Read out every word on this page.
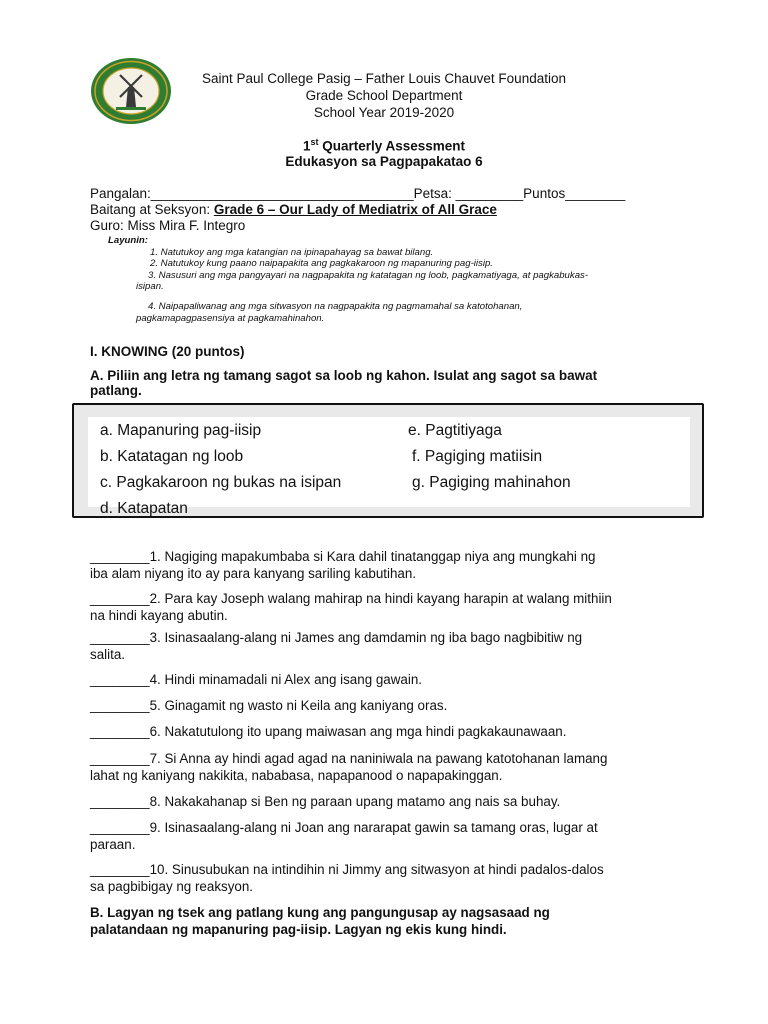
Saint Paul College Pasig – Father Louis Chauvet Foundation
Grade School Department
School Year 2019-2020
1st Quarterly Assessment
Edukasyon sa Pagpapakatao 6
Pangalan:___________________________________Petsa: _________Puntos________
Baitang at Seksyon: Grade 6 – Our Lady of Mediatrix of All Grace
Guro: Miss Mira F. Integro
Layunin:
1. Natutukoy ang mga katangian na ipinapahayag sa bawat bilang.
2. Natutukoy kung paano naipapakita ang pagkakaroon ng mapanuring pag-iisip.
3. Nasusuri ang mga pangyayari na nagpapakita ng katatagan ng loob, pagkamatiyaga, at pagkabukas-
isipan.
4. Naipapaliwanag ang mga sitwasyon na nagpapakita ng pagmamahal sa katotohanan,
pagkamapagpasensiya at pagkamahinahon.
I. KNOWING (20 puntos)
A. Piliin ang letra ng tamang sagot sa loob ng kahon. Isulat ang sagot sa bawat
patlang.
a. Mapanuring pag-iisip
b. Katatagan ng loob
c. Pagkakaroon ng bukas na isipan
d. Katapatan
e. Pagtitiyaga
f. Pagiging matiisin
g. Pagiging mahinahon
________1. Nagiging mapakumbaba si Kara dahil tinatanggap niya ang mungkahi ng
iba alam niyang ito ay para kanyang sariling kabutihan.
________2. Para kay Joseph walang mahirap na hindi kayang harapin at walang mithiin
na hindi kayang abutin.
________3. Isinasaalang-alang ni James ang damdamin ng iba bago nagbibitiw ng
salita.
________4. Hindi minamadali ni Alex ang isang gawain.
________5. Ginagamit ng wasto ni Keila ang kaniyang oras.
________6. Nakatutulong ito upang maiwasan ang mga hindi pagkakaunawaan.
________7. Si Anna ay hindi agad agad na naniniwala na pawang katotohanan lamang
lahat ng kaniyang nakikita, nababasa, napapanood o napapakinggan.
________8. Nakakahanap si Ben ng paraan upang matamo ang nais sa buhay.
________9. Isinasaalang-alang ni Joan ang nararapat gawin sa tamang oras, lugar at
paraan.
________10. Sinusubukan na intindihin ni Jimmy ang sitwasyon at hindi padalos-dalos
sa pagbibigay ng reaksyon.
B. Lagyan ng tsek ang patlang kung ang pangungusap ay nagsasaad ng
palatandaan ng mapanuring pag-iisip. Lagyan ng ekis kung hindi.
